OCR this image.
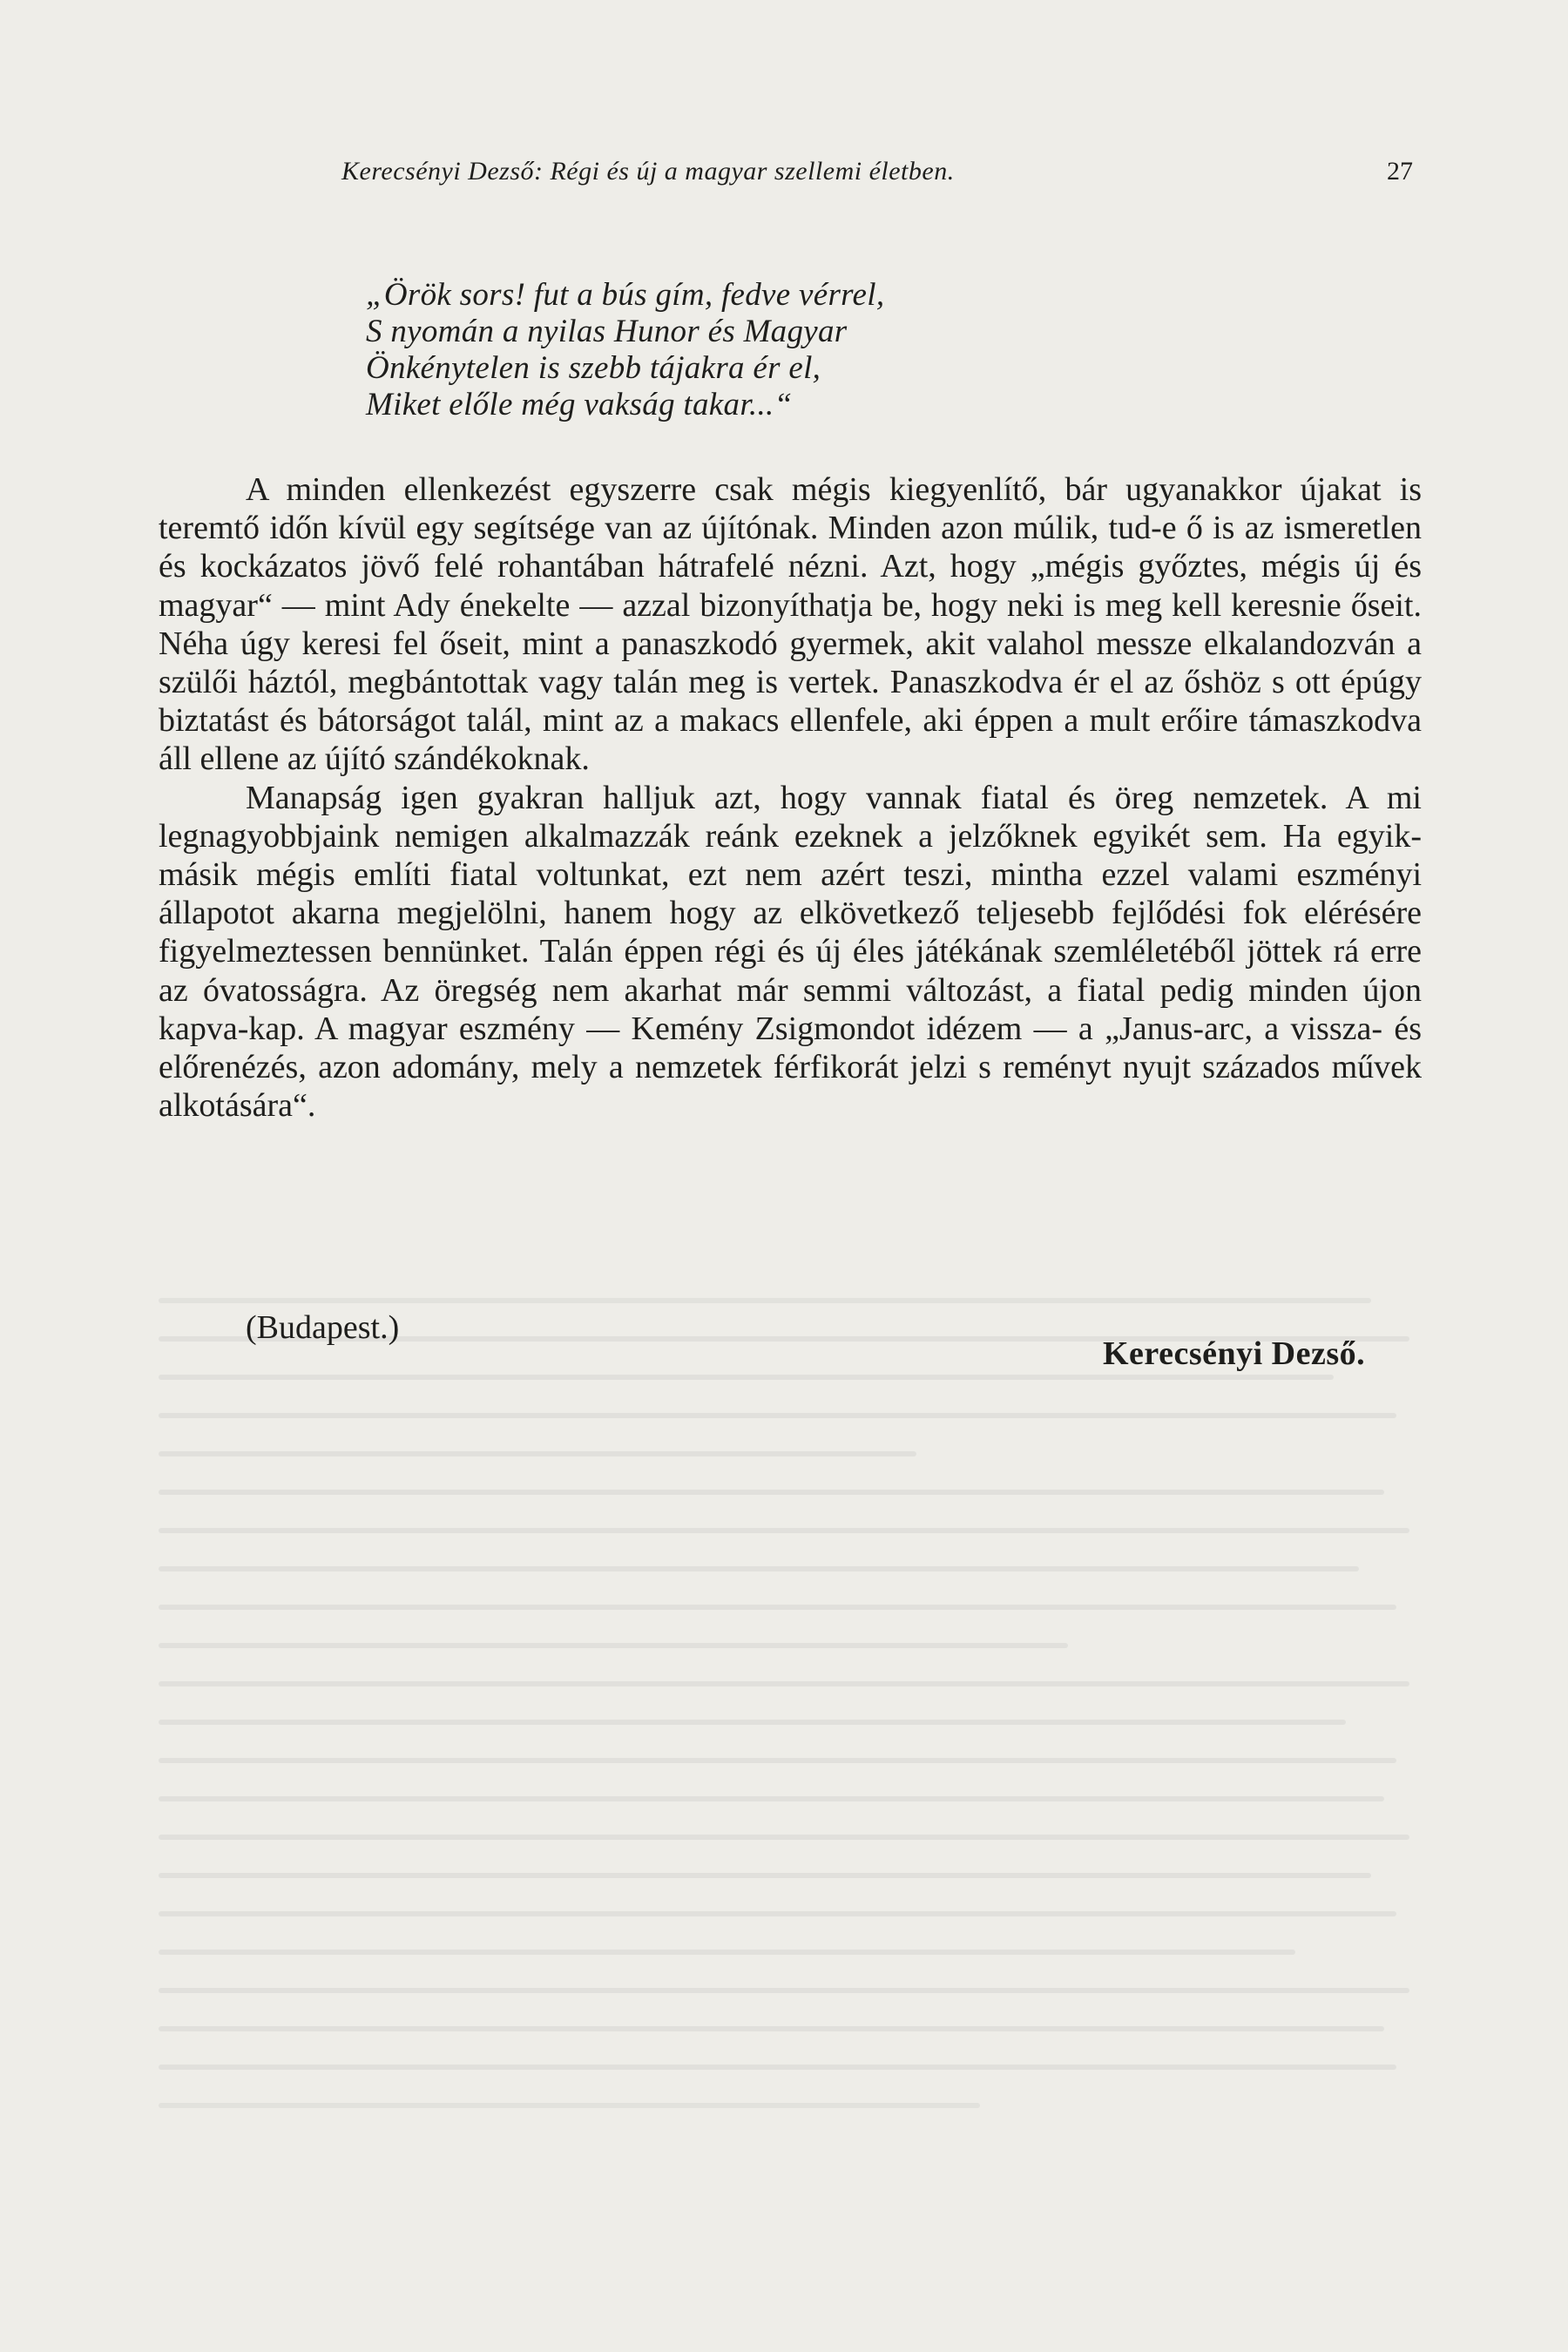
Kerecsényi Dezső: Régi és új a magyar szellemi életben.	27
„Örök sors! fut a bús gím, fedve vérrel,
S nyomán a nyilas Hunor és Magyar
Önkénytelen is szebb tájakra ér el,
Miket előle még vakság takar...“

A minden ellenkezést egyszerre csak mégis kiegyenlítő, bár ugyanakkor újakat is teremtő időn kívül egy segítsége van az újítónak. Minden azon múlik, tud-e ő is az ismeretlen és kockázatos jövő felé rohantában hátrafelé nézni. Azt, hogy „mégis győztes, mégis új és magyar“ — mint Ady énekelte — azzal bizonyíthatja be, hogy neki is meg kell keresnie őseit. Néha úgy keresi fel őseit, mint a panaszkodó gyermek, akit valahol messze elkalandozván a szülői háztól, megbántottak vagy talán meg is vertek. Panaszkodva ér el az őshöz s ott épúgy biztatást és bátorságot talál, mint az a makacs ellenfele, aki éppen a mult erőire támaszkodva áll ellene az újító szándékoknak.

Manapság igen gyakran halljuk azt, hogy vannak fiatal és öreg nemzetek. A mi legnagyobbjaink nemigen alkalmazzák reánk ezeknek a jelzőknek egyikét sem. Ha egyik-másik mégis említi fiatal voltunkat, ezt nem azért teszi, mintha ezzel valami eszményi állapotot akarna megjelölni, hanem hogy az elkövetkező teljesebb fejlődési fok elérésére figyelmeztessen bennünket. Talán éppen régi és új éles játékának szemléletéből jöttek rá erre az óvatosságra. Az öregség nem akarhat már semmi változást, a fiatal pedig minden újon kapva-kap. A magyar eszmény — Kemény Zsigmondot idézem — a „Janus-arc, a vissza- és előrenézés, azon adomány, mely a nemzetek férfikorát jelzi s reményt nyujt százados művek alkotására“.

(Budapest.)
Kerecsényi Dezső.
